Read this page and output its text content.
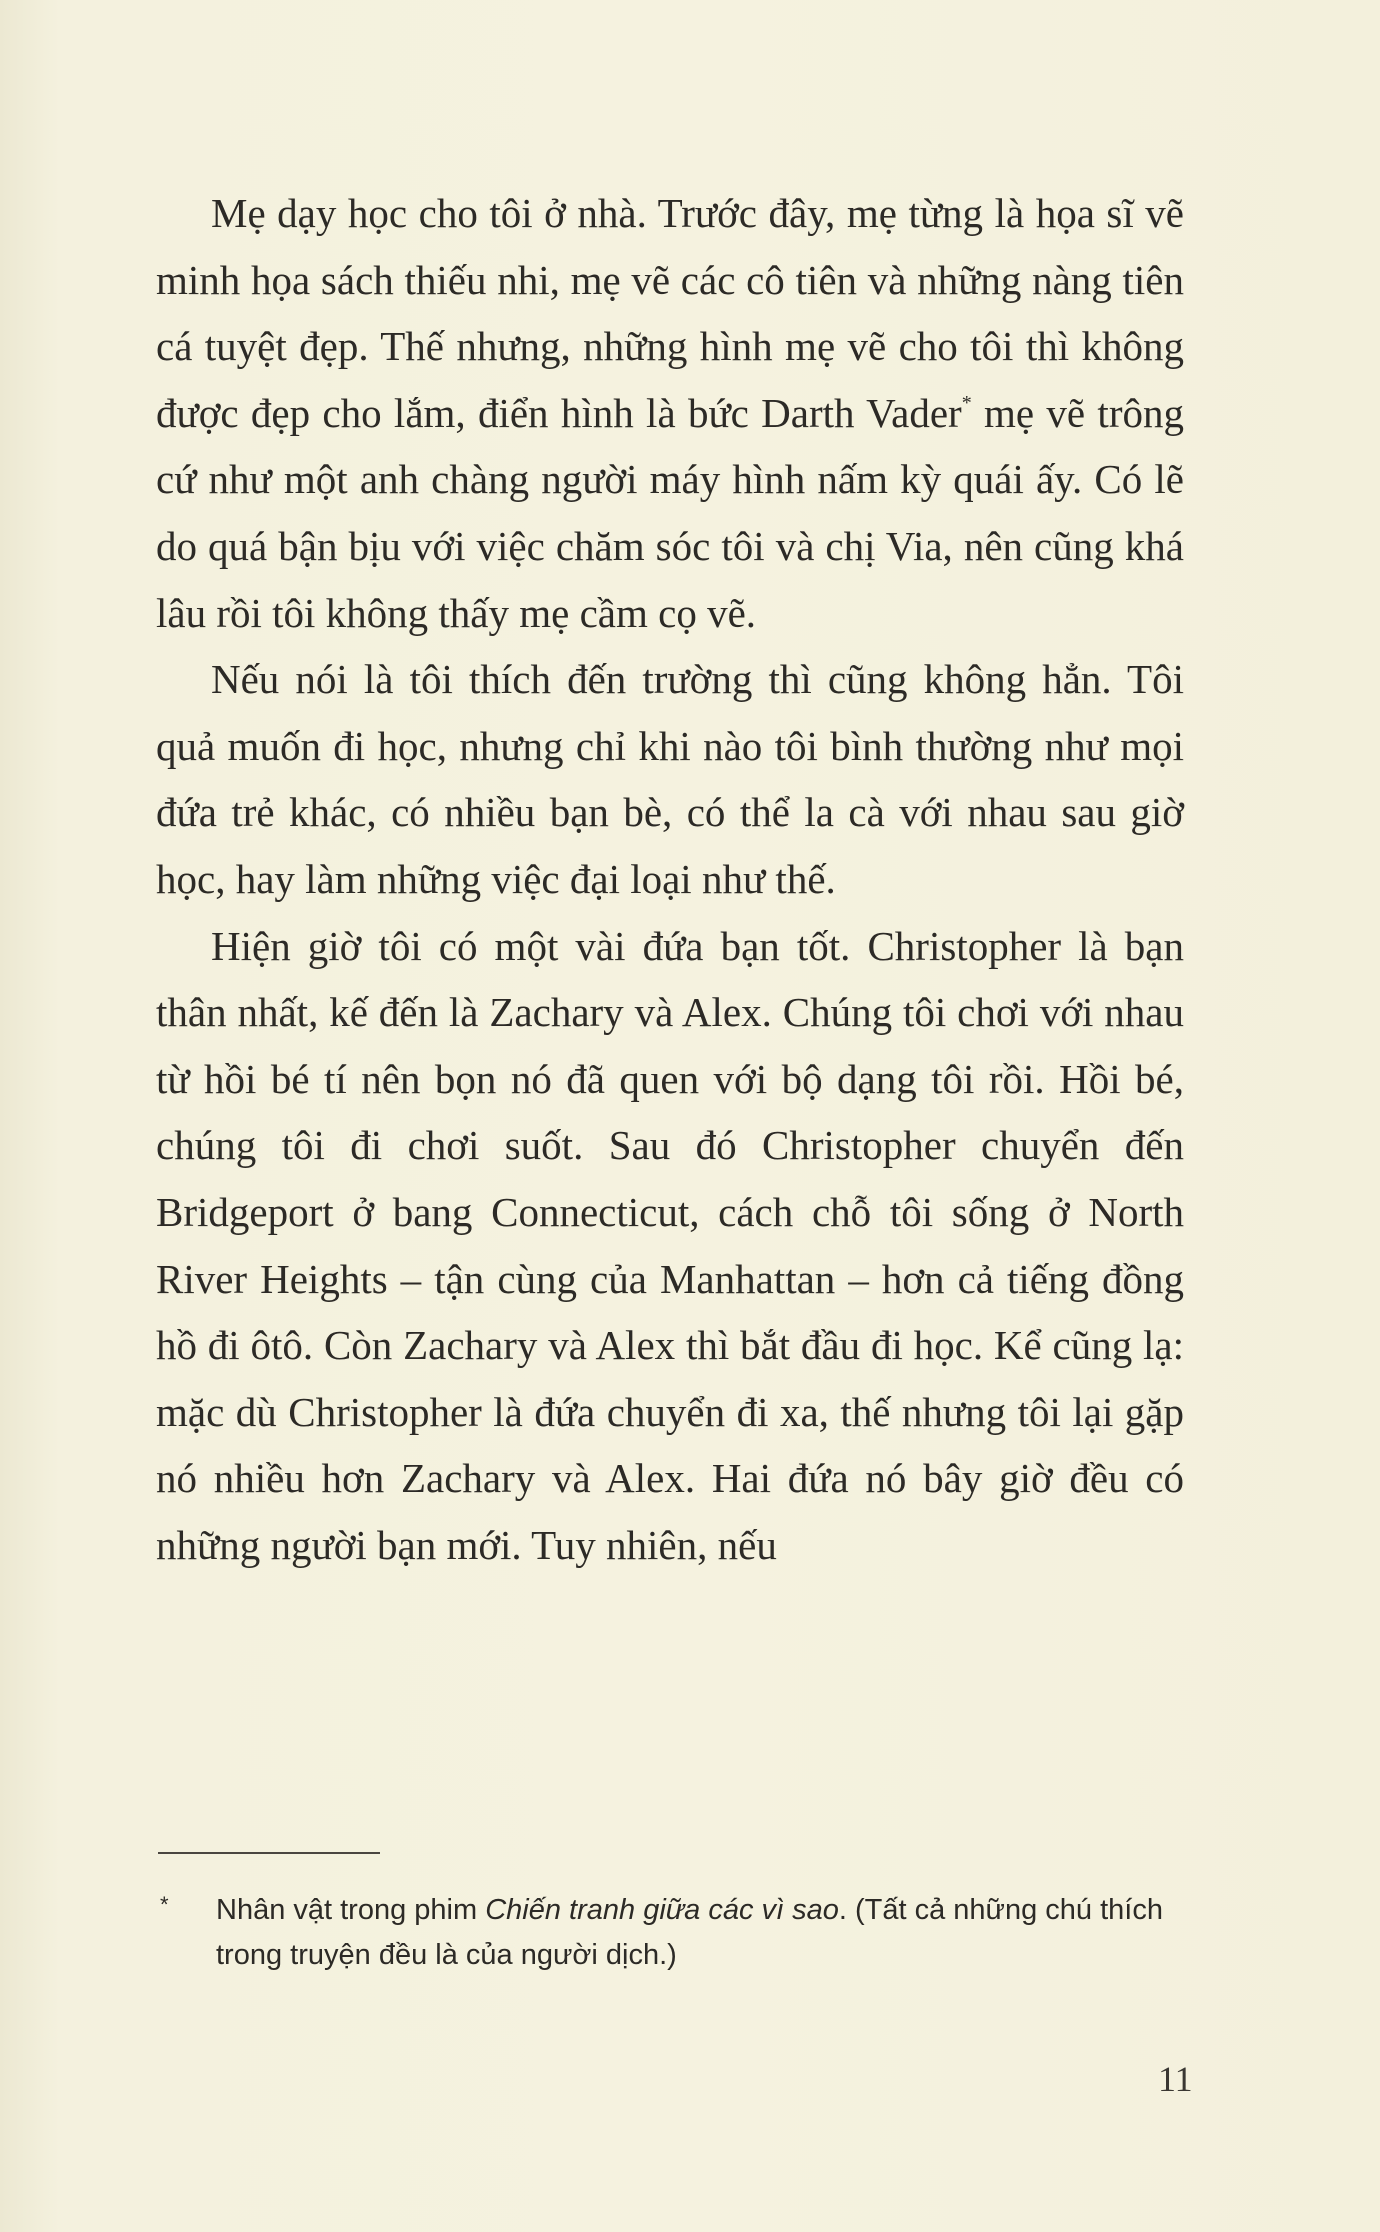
Mẹ dạy học cho tôi ở nhà. Trước đây, mẹ từng là họa sĩ vẽ minh họa sách thiếu nhi, mẹ vẽ các cô tiên và những nàng tiên cá tuyệt đẹp. Thế nhưng, những hình mẹ vẽ cho tôi thì không được đẹp cho lắm, điển hình là bức Darth Vader* mẹ vẽ trông cứ như một anh chàng người máy hình nấm kỳ quái ấy. Có lẽ do quá bận bịu với việc chăm sóc tôi và chị Via, nên cũng khá lâu rồi tôi không thấy mẹ cầm cọ vẽ.

Nếu nói là tôi thích đến trường thì cũng không hẳn. Tôi quả muốn đi học, nhưng chỉ khi nào tôi bình thường như mọi đứa trẻ khác, có nhiều bạn bè, có thể la cà với nhau sau giờ học, hay làm những việc đại loại như thế.

Hiện giờ tôi có một vài đứa bạn tốt. Christopher là bạn thân nhất, kế đến là Zachary và Alex. Chúng tôi chơi với nhau từ hồi bé tí nên bọn nó đã quen với bộ dạng tôi rồi. Hồi bé, chúng tôi đi chơi suốt. Sau đó Christopher chuyển đến Bridgeport ở bang Connecticut, cách chỗ tôi sống ở North River Heights – tận cùng của Manhattan – hơn cả tiếng đồng hồ đi ôtô. Còn Zachary và Alex thì bắt đầu đi học. Kể cũng lạ: mặc dù Christopher là đứa chuyển đi xa, thế nhưng tôi lại gặp nó nhiều hơn Zachary và Alex. Hai đứa nó bây giờ đều có những người bạn mới. Tuy nhiên, nếu

* Nhân vật trong phim Chiến tranh giữa các vì sao. (Tất cả những chú thích trong truyện đều là của người dịch.)
11
